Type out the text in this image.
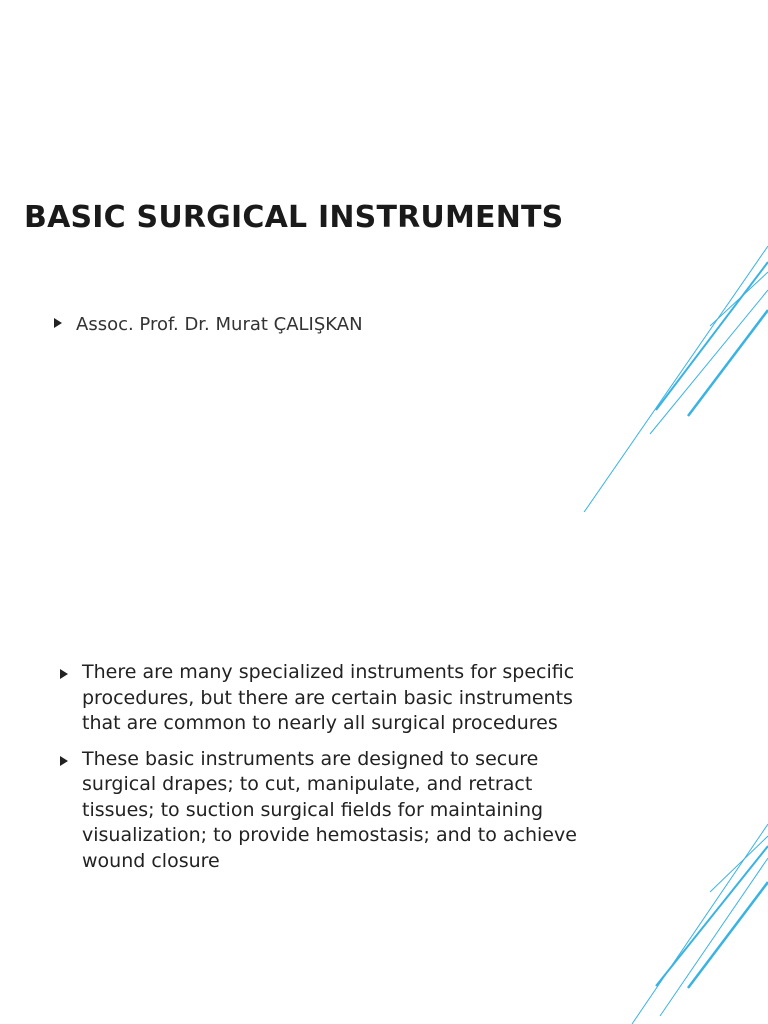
BASIC SURGICAL INSTRUMENTS
Assoc. Prof. Dr. Murat ÇALIŞKAN
There are many specialized instruments for specific procedures, but there are certain basic instruments that are common to nearly all surgical procedures
These basic instruments are designed to secure surgical drapes; to cut, manipulate, and retract tissues; to suction surgical fields for maintaining visualization; to provide hemostasis; and to achieve wound closure
